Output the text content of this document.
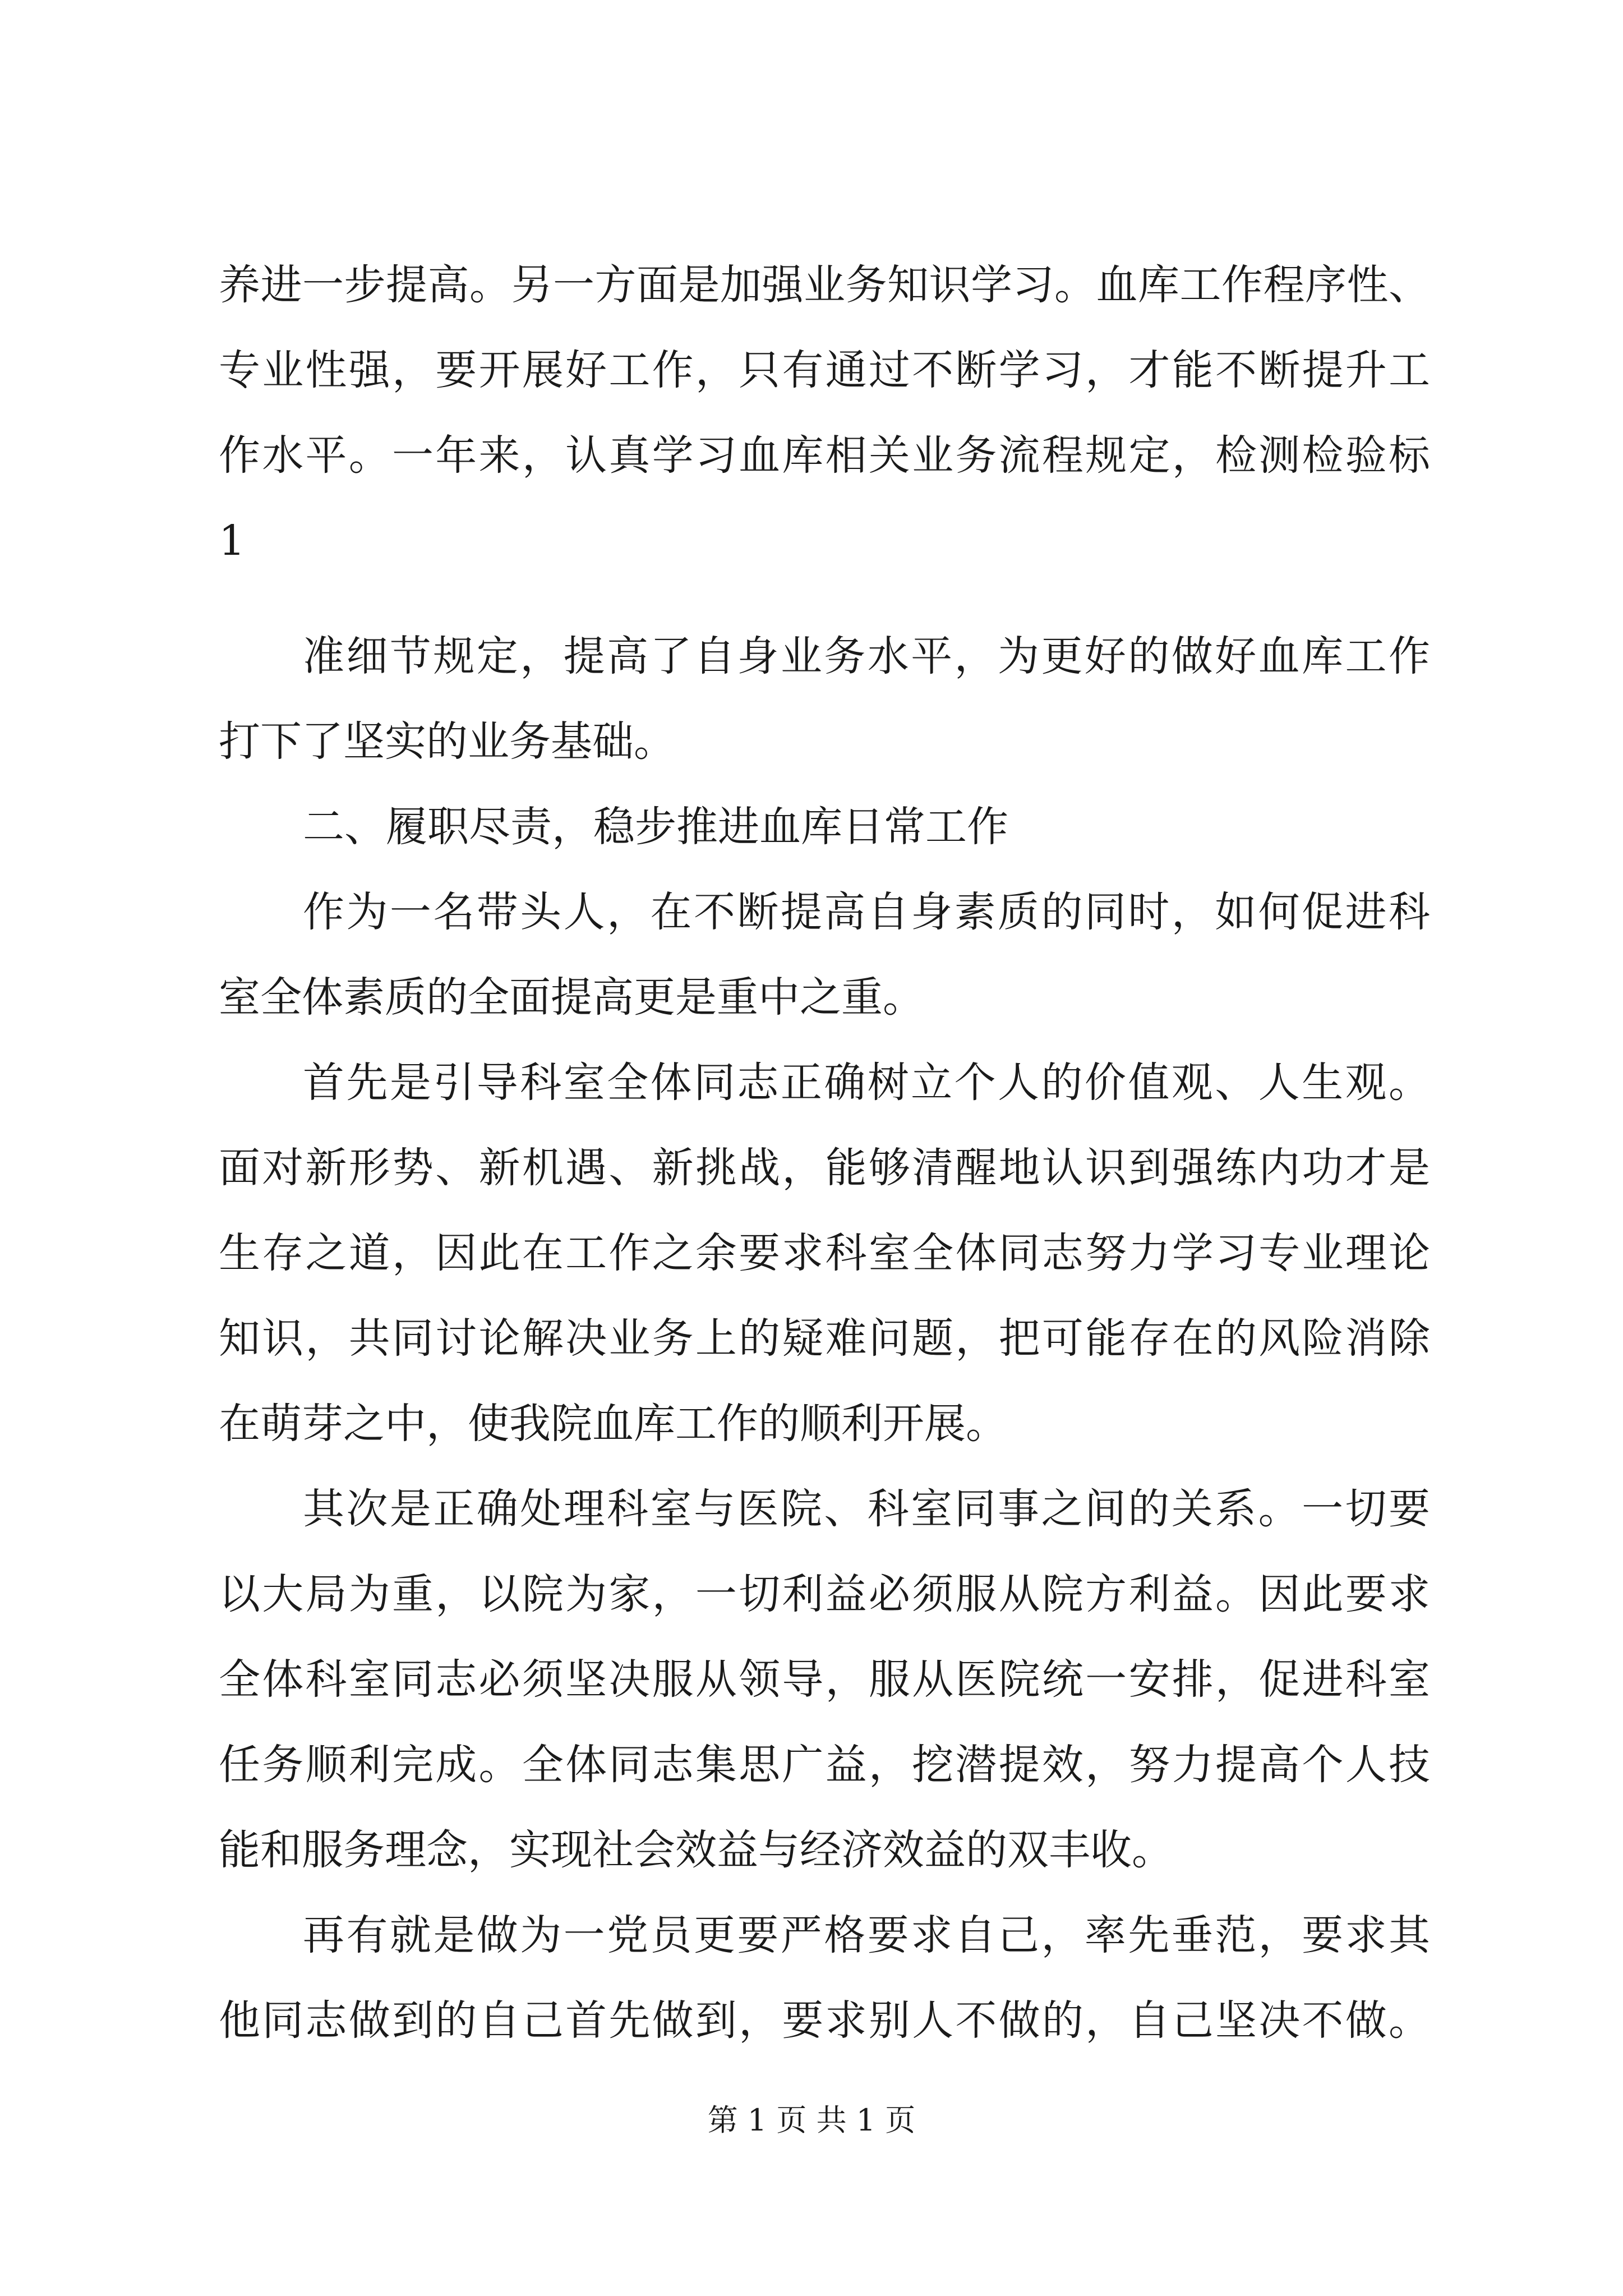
养进一步提高。另一方面是加强业务知识学习。血库工作程序性、
专业性强，要开展好工作，只有通过不断学习，才能不断提升工
作水平。一年来，认真学习血库相关业务流程规定，检测检验标
1
准细节规定，提高了自身业务水平，为更好的做好血库工作
打下了坚实的业务基础。
二、履职尽责，稳步推进血库日常工作
作为一名带头人，在不断提高自身素质的同时，如何促进科
室全体素质的全面提高更是重中之重。
首先是引导科室全体同志正确树立个人的价值观、人生观。
面对新形势、新机遇、新挑战，能够清醒地认识到强练内功才是
生存之道，因此在工作之余要求科室全体同志努力学习专业理论
知识，共同讨论解决业务上的疑难问题，把可能存在的风险消除
在萌芽之中，使我院血库工作的顺利开展。
其次是正确处理科室与医院、科室同事之间的关系。一切要
以大局为重，以院为家，一切利益必须服从院方利益。因此要求
全体科室同志必须坚决服从领导，服从医院统一安排，促进科室
任务顺利完成。全体同志集思广益，挖潜提效，努力提高个人技
能和服务理念，实现社会效益与经济效益的双丰收。
再有就是做为一党员更要严格要求自己，率先垂范，要求其
他同志做到的自己首先做到，要求别人不做的，自己坚决不做。
第 1 页 共 1 页
